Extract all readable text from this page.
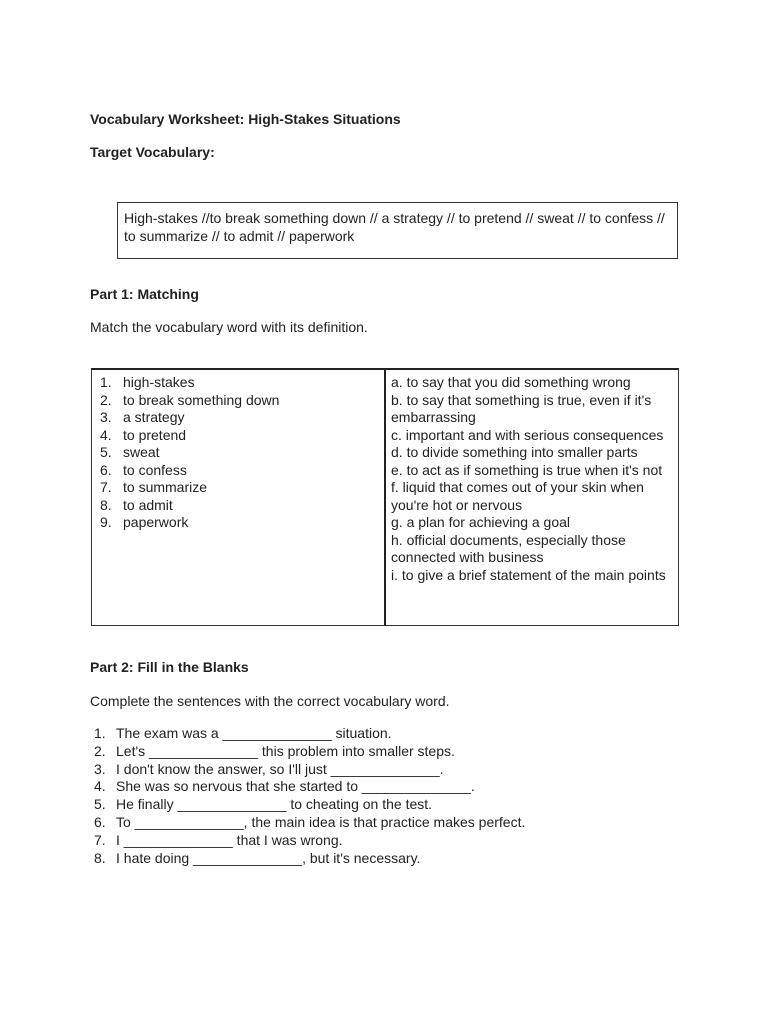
Vocabulary Worksheet: High-Stakes Situations
Target Vocabulary:
High-stakes //to break something down // a strategy // to pretend // sweat // to confess //
to summarize // to admit // paperwork
Part 1: Matching
Match the vocabulary word with its definition.
1. high-stakes
2. to break something down
3. a strategy
4. to pretend
5. sweat
6. to confess
7. to summarize
8. to admit
9. paperwork
a. to say that you did something wrong
b. to say that something is true, even if it's embarrassing
c. important and with serious consequences
d. to divide something into smaller parts
e. to act as if something is true when it's not
f. liquid that comes out of your skin when you're hot or nervous
g. a plan for achieving a goal
h. official documents, especially those connected with business
i. to give a brief statement of the main points
Part 2: Fill in the Blanks
Complete the sentences with the correct vocabulary word.
1. The exam was a ______________ situation.
2. Let's ______________ this problem into smaller steps.
3. I don't know the answer, so I'll just ______________.
4. She was so nervous that she started to ______________.
5. He finally ______________ to cheating on the test.
6. To ______________, the main idea is that practice makes perfect.
7. I ______________ that I was wrong.
8. I hate doing ______________, but it's necessary.
